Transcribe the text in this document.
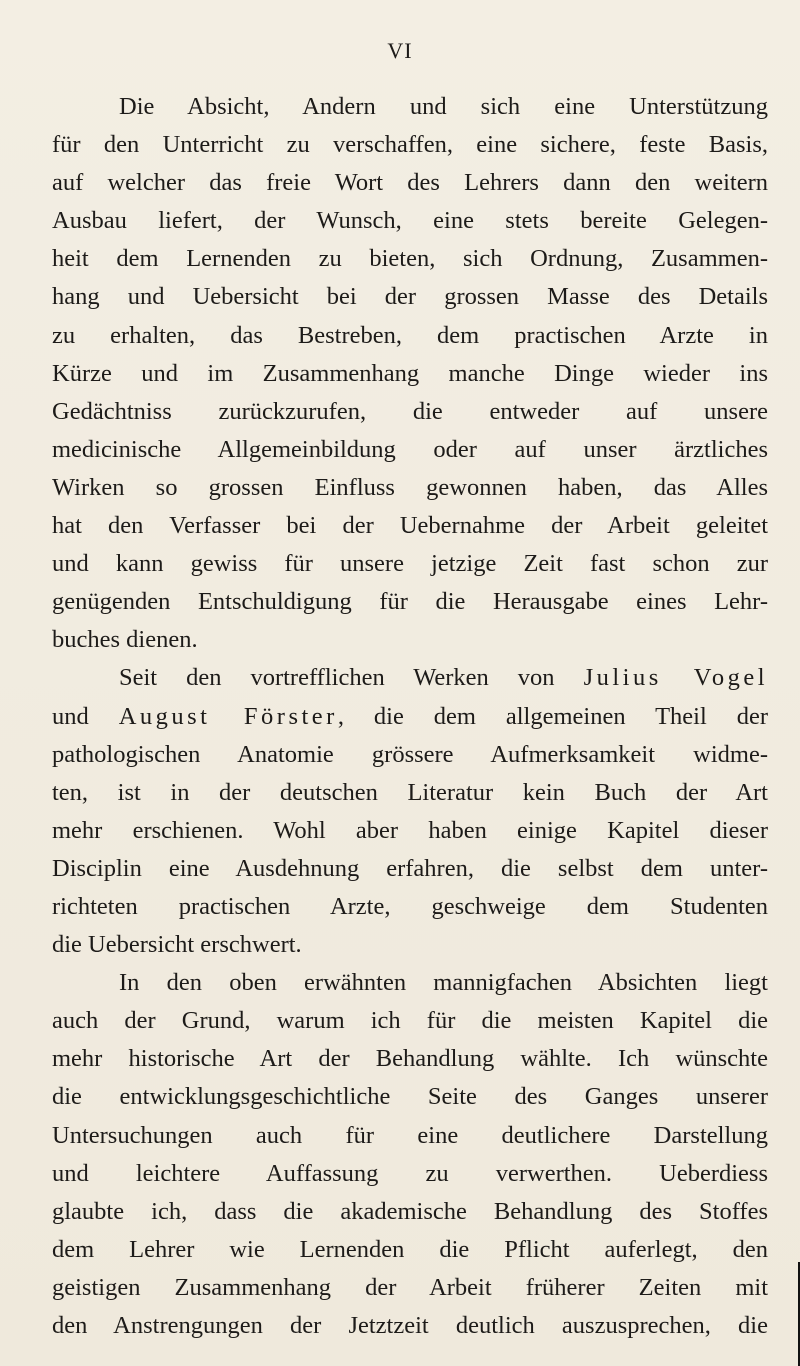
VI
Die Absicht, Andern und sich eine Unterstützung
für den Unterricht zu verschaffen, eine sichere, feste Basis,
auf welcher das freie Wort des Lehrers dann den weitern
Ausbau liefert, der Wunsch, eine stets bereite Gelegen-
heit dem Lernenden zu bieten, sich Ordnung, Zusammen-
hang und Uebersicht bei der grossen Masse des Details
zu erhalten, das Bestreben, dem practischen Arzte in
Kürze und im Zusammenhang manche Dinge wieder ins
Gedächtniss zurückzurufen, die entweder auf unsere
medicinische Allgemeinbildung oder auf unser ärztliches
Wirken so grossen Einfluss gewonnen haben, das Alles
hat den Verfasser bei der Uebernahme der Arbeit geleitet
und kann gewiss für unsere jetzige Zeit fast schon zur
genügenden Entschuldigung für die Herausgabe eines Lehr-
buches dienen.
Seit den vortrefflichen Werken von Julius Vogel
und August Förster, die dem allgemeinen Theil der
pathologischen Anatomie grössere Aufmerksamkeit widme-
ten, ist in der deutschen Literatur kein Buch der Art
mehr erschienen. Wohl aber haben einige Kapitel dieser
Disciplin eine Ausdehnung erfahren, die selbst dem unter-
richteten practischen Arzte, geschweige dem Studenten
die Uebersicht erschwert.
In den oben erwähnten mannigfachen Absichten liegt
auch der Grund, warum ich für die meisten Kapitel die
mehr historische Art der Behandlung wählte. Ich wünschte
die entwicklungsgeschichtliche Seite des Ganges unserer
Untersuchungen auch für eine deutlichere Darstellung
und leichtere Auffassung zu verwerthen. Ueberdiess
glaubte ich, dass die akademische Behandlung des Stoffes
dem Lehrer wie Lernenden die Pflicht auferlegt, den
geistigen Zusammenhang der Arbeit früherer Zeiten mit
den Anstrengungen der Jetztzeit deutlich auszusprechen, die
